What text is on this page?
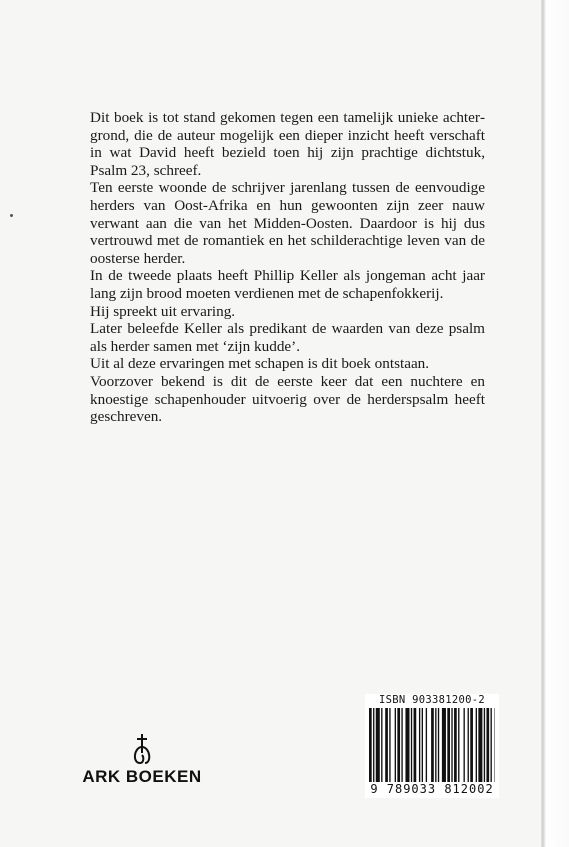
Dit boek is tot stand gekomen tegen een tamelijk unieke achtergrond, die de auteur mogelijk een dieper inzicht heeft verschaft in wat David heeft bezield toen hij zijn prachtige dichtstuk, Psalm 23, schreef.

Ten eerste woonde de schrijver jarenlang tussen de eenvoudige herders van Oost-Afrika en hun gewoonten zijn zeer nauw verwant aan die van het Midden-Oosten. Daardoor is hij dus vertrouwd met de romantiek en het schilderachtige leven van de oosterse herder.

In de tweede plaats heeft Phillip Keller als jongeman acht jaar lang zijn brood moeten verdienen met de schapenfokkerij.

Hij spreekt uit ervaring.

Later beleefde Keller als predikant de waarden van deze psalm als herder samen met ‘zijn kudde’.

Uit al deze ervaringen met schapen is dit boek ontstaan.

Voorzover bekend is dit de eerste keer dat een nuchtere en knoestige schapenhouder uitvoerig over de herderspsalm heeft geschreven.

ARK BOEKEN
ISBN 903381200-2
9 789033 812002
